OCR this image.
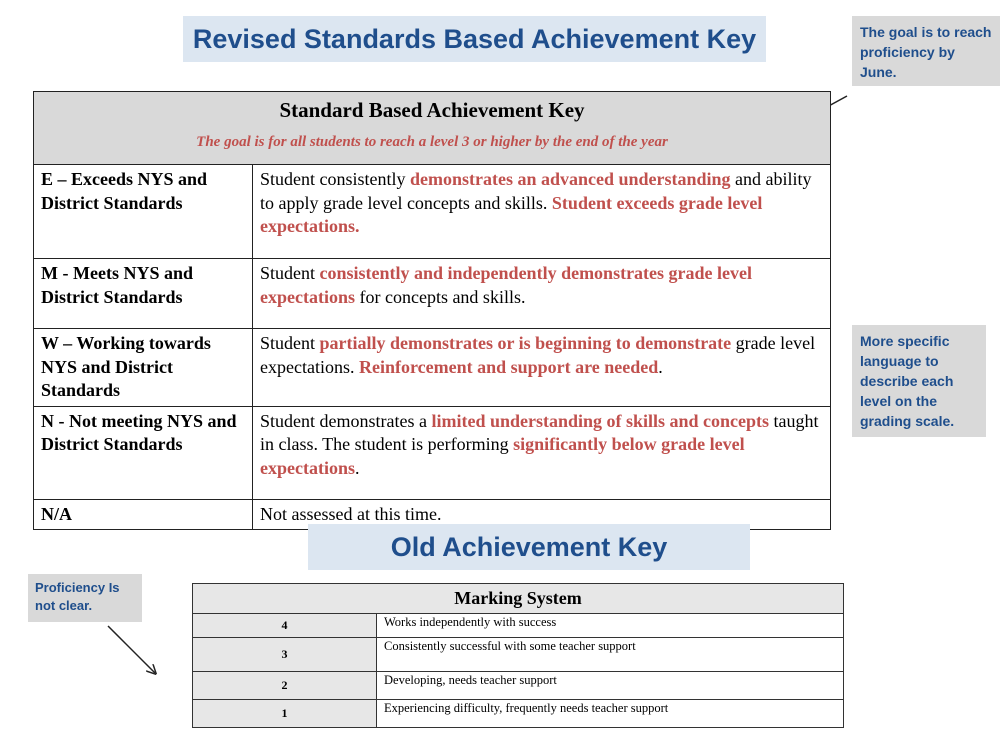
Revised Standards Based Achievement Key	The goal is to reach proficiency by June.
Standard Based Achievement Key
The goal is for all students to reach a level 3 or higher by the end of the year	

E – Exceeds NYS and District Standards	Student consistently demonstrates an advanced understanding and ability to apply grade level concepts and skills. Student exceeds grade level expectations.
M - Meets NYS and District Standards	Student consistently and independently demonstrates grade level expectations for concepts and skills.
W – Working towards NYS and District Standards	Student partially demonstrates or is beginning to demonstrate grade level expectations. Reinforcement and support are needed.
N - Not meeting NYS and District Standards	Student demonstrates a limited understanding of skills and concepts taught in class. The student is performing significantly below grade level expectations.
N/A	Not assessed at this time.
More specific language to describe each level on the grading scale.
Old Achievement Key
Proficiency Is not clear.	Marking System	
4	Works independently with success
3	Consistently successful with some teacher support
2	Developing, needs teacher support
1	Experiencing difficulty, frequently needs teacher support
